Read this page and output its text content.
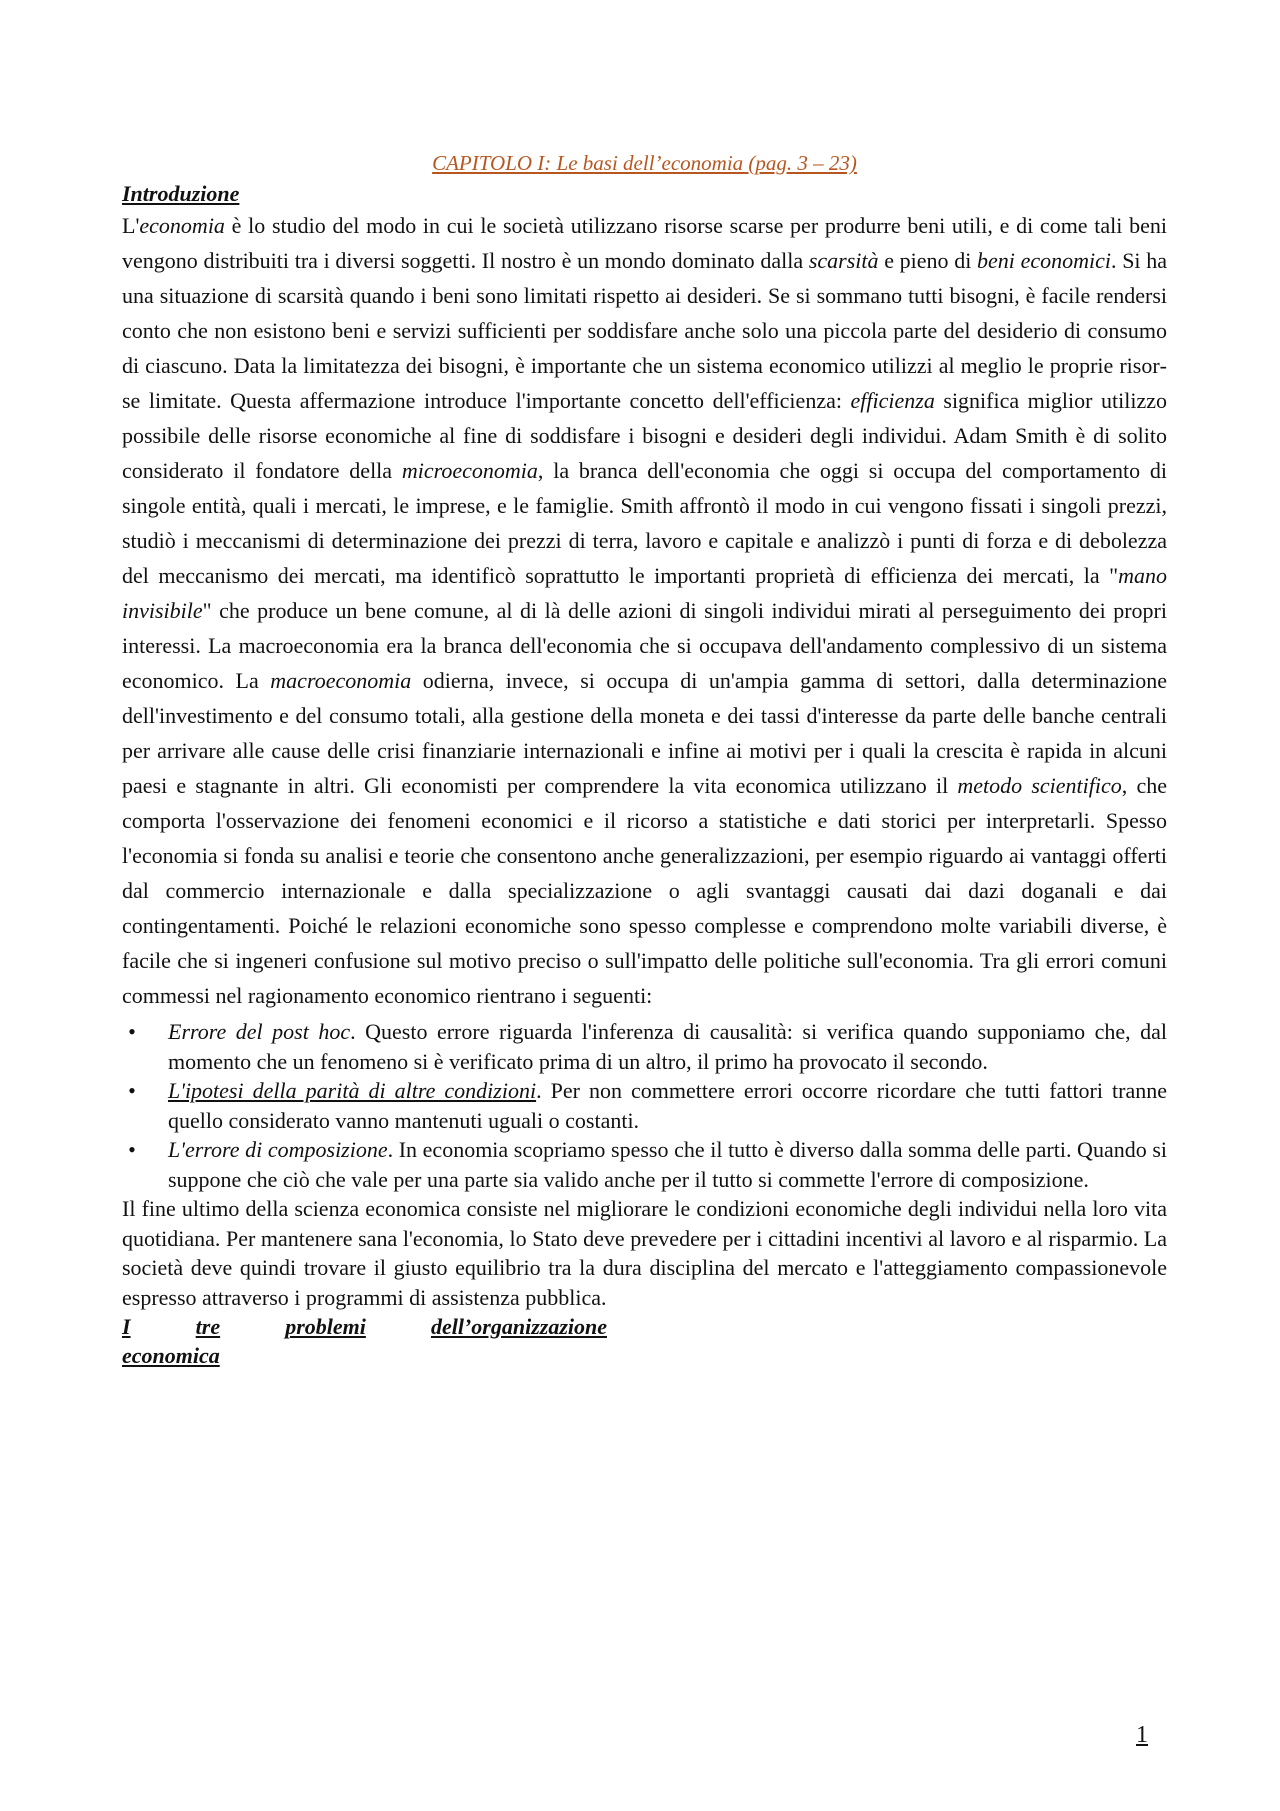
CAPITOLO I: Le basi dell’economia (pag. 3 – 23)
Introduzione

L'economia è lo studio del modo in cui le società utilizzano risorse scarse per produrre beni utili, e di come tali beni vengono distribuiti tra i diversi soggetti. Il nostro è un mondo dominato dalla scarsità e pieno di beni economici. Si ha una situazione di scarsità quando i beni sono limitati rispetto ai desideri. Se si sommano tutti bisogni, è facile rendersi conto che non esistono beni e servizi sufficienti per soddisfare anche solo una piccola parte del desiderio di consumo di ciascuno. Data la limitatezza dei bisogni, è importante che un sistema economico utilizzi al meglio le proprie risorse limitate. Questa affermazione introduce l'importante concetto dell'efficienza: efficienza significa miglior utilizzo possibile delle risorse economiche al fine di soddisfare i bisogni e desideri degli individui. Adam Smith è di solito considerato il fondatore della microeconomia, la branca dell'economia che oggi si occupa del comportamento di singole entità, quali i mercati, le imprese, e le famiglie. Smith affrontò il modo in cui vengono fissati i singoli prezzi, studiò i meccanismi di determinazione dei prezzi di terra, lavoro e capitale e analizzò i punti di forza e di debolezza del meccanismo dei mercati, ma identificò soprattutto le importanti proprietà di efficienza dei mercati, la "mano invisibile" che produce un bene comune, al di là delle azioni di singoli individui mirati al perseguimento dei propri interessi. La macroeconomia era la branca dell'economia che si occupava dell'andamento complessivo di un sistema economico. La macroeconomia odierna, invece, si occupa di un'ampia gamma di settori, dalla determinazione dell'investimento e del consumo totali, alla gestione della moneta e dei tassi d'interesse da parte delle banche centrali per arrivare alle cause delle crisi finanziarie internazionali e infine ai motivi per i quali la crescita è rapida in alcuni paesi e stagnante in altri. Gli economisti per comprendere la vita economica utilizzano il metodo scientifico, che comporta l'osservazione dei fenomeni economici e il ricorso a statistiche e dati storici per interpretarli. Spesso l'economia si fonda su analisi e teorie che consentono anche generalizzazioni, per esempio riguardo ai vantaggi offerti dal commercio internazionale e dalla specializzazione o agli svantaggi causati dai dazi doganali e dai contingentamenti. Poiché le relazioni economiche sono spesso complesse e comprendono molte variabili diverse, è facile che si ingeneri confusione sul motivo preciso o sull'impatto delle politiche sull'economia. Tra gli errori comuni commessi nel ragionamento economico rientrano i seguenti:

• Errore del post hoc. Questo errore riguarda l'inferenza di causalità: si verifica quando supponiamo che, dal momento che un fenomeno si è verificato prima di un altro, il primo ha provocato il secondo.
• L'ipotesi della parità di altre condizioni. Per non commettere errori occorre ricordare che tutti fattori tranne quello considerato vanno mantenuti uguali o costanti.
• L'errore di composizione. In economia scopriamo spesso che il tutto è diverso dalla somma delle parti. Quando si suppone che ciò che vale per una parte sia valido anche per il tutto si commette l'errore di composizione.

Il fine ultimo della scienza economica consiste nel migliorare le condizioni economiche degli individui nella loro vita quotidiana. Per mantenere sana l'economia, lo Stato deve prevedere per i cittadini incentivi al lavoro e al risparmio. La società deve quindi trovare il giusto equilibrio tra la dura disciplina del mercato e l'atteggiamento compassionevole espresso attraverso i programmi di assistenza pubblica.

I	tre	problemi	dell’organizzazione
economica
1
